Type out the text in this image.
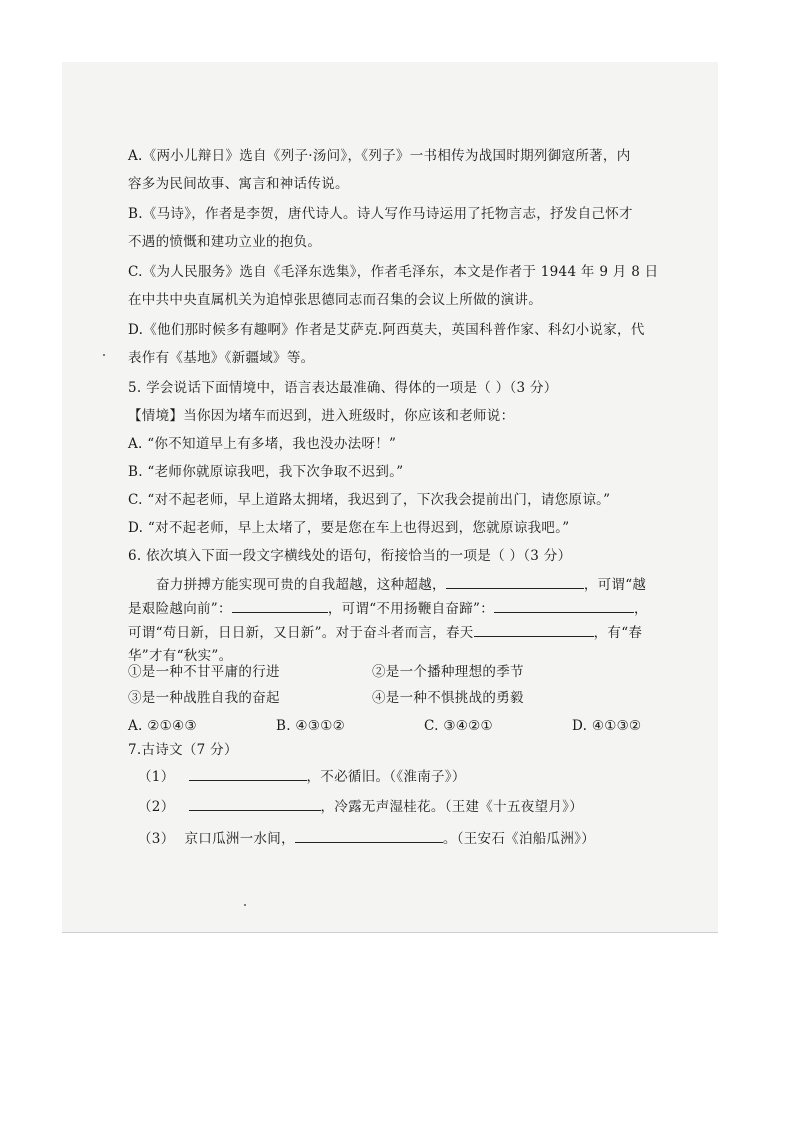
A.《两小儿辩日》选自《列子·汤问》，《列子》一书相传为战国时期列御寇所著，内
容多为民间故事、寓言和神话传说。
B.《马诗》，作者是李贺，唐代诗人。诗人写作马诗运用了托物言志，抒发自己怀才
不遇的愤慨和建功立业的抱负。
C.《为人民服务》选自《毛泽东选集》，作者毛泽东，本文是作者于 1944 年 9 月 8 日
在中共中央直属机关为追悼张思德同志而召集的会议上所做的演讲。
D.《他们那时候多有趣啊》作者是艾萨克.阿西莫夫，英国科普作家、科幻小说家，代
表作有《基地》《新疆域》等。
5. 学会说话下面情境中，语言表达最准确、得体的一项是（ ）（3 分）
【情境】当你因为堵车而迟到，进入班级时，你应该和老师说：
A. “你不知道早上有多堵，我也没办法呀！”
B. “老师你就原谅我吧，我下次争取不迟到。”
C. “对不起老师，早上道路太拥堵，我迟到了，下次我会提前出门，请您原谅。”
D. “对不起老师，早上太堵了，要是您在车上也得迟到，您就原谅我吧。”
6. 依次填入下面一段文字横线处的语句，衔接恰当的一项是（ ）（3 分）
奋力拼搏方能实现可贵的自我超越，这种超越，	，可谓“越
是艰险越向前”：	，可谓“不用扬鞭自奋蹄”：	，
可谓“苟日新，日日新，又日新”。对于奋斗者而言，春天	，有“春
华”才有“秋实”。
①是一种不甘平庸的行进	②是一个播种理想的季节
③是一种战胜自我的奋起	④是一种不惧挑战的勇毅
A. ②①④③	B. ④③①②	C. ③④②①	D. ④①③②
7.古诗文（7 分）
（1）	，不必循旧。（《淮南子》）
（2）	，冷露无声湿桂花。（王建《十五夜望月》）
（3） 京口瓜洲一水间，	。（王安石《泊船瓜洲》）
